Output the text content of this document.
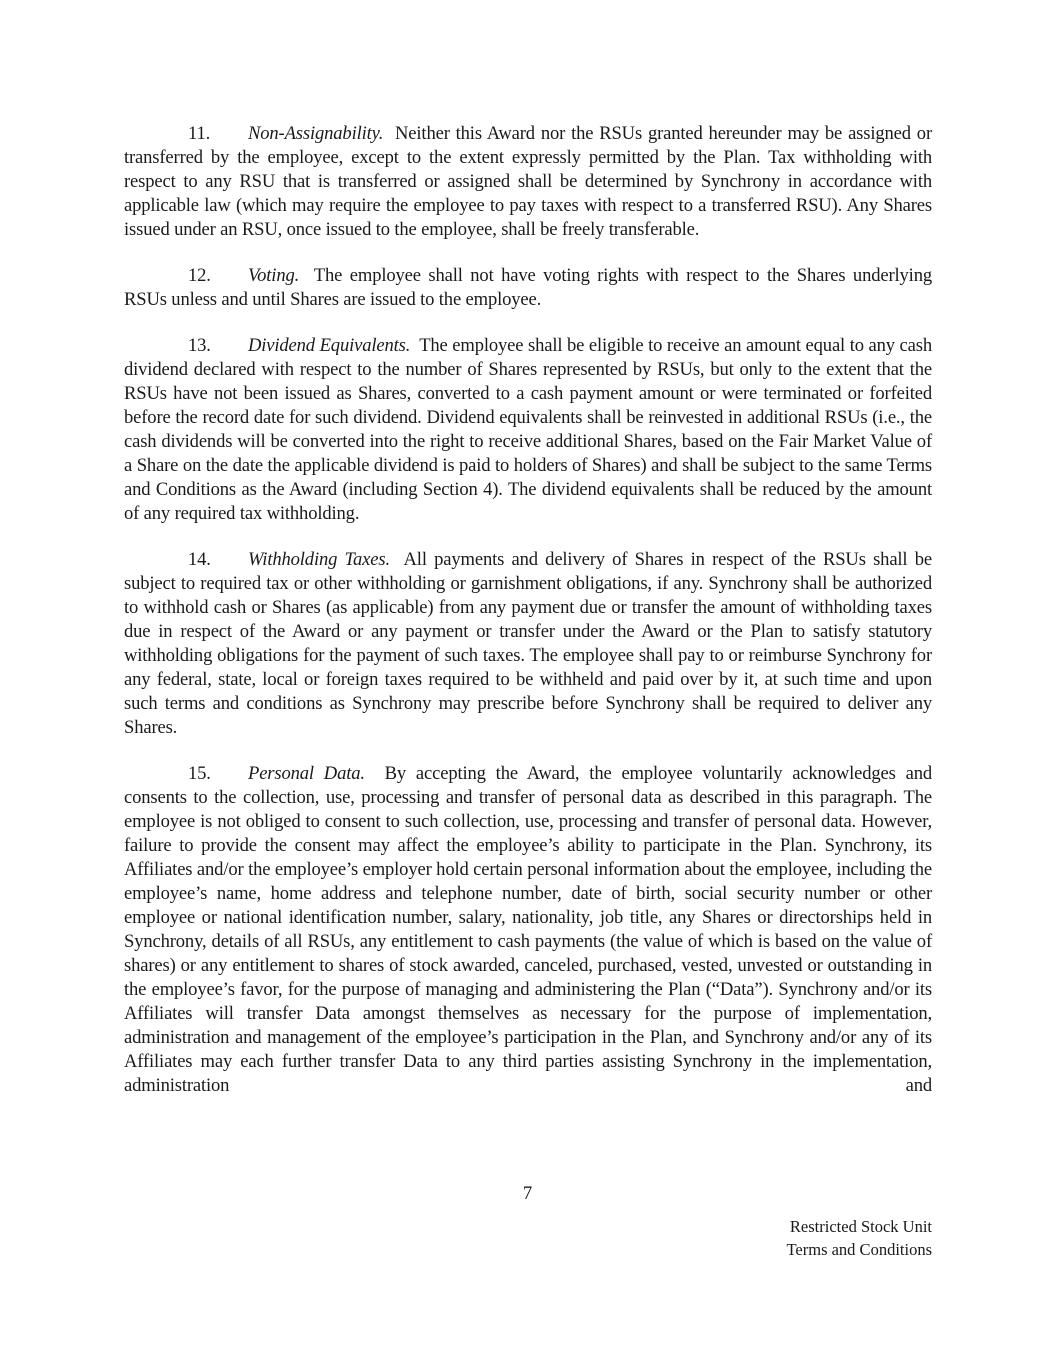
11. Non-Assignability. Neither this Award nor the RSUs granted hereunder may be assigned or transferred by the employee, except to the extent expressly permitted by the Plan. Tax withholding with respect to any RSU that is transferred or assigned shall be determined by Synchrony in accordance with applicable law (which may require the employee to pay taxes with respect to a transferred RSU). Any Shares issued under an RSU, once issued to the employee, shall be freely transferable.

12. Voting. The employee shall not have voting rights with respect to the Shares underlying RSUs unless and until Shares are issued to the employee.

13. Dividend Equivalents. The employee shall be eligible to receive an amount equal to any cash dividend declared with respect to the number of Shares represented by RSUs, but only to the extent that the RSUs have not been issued as Shares, converted to a cash payment amount or were terminated or forfeited before the record date for such dividend. Dividend equivalents shall be reinvested in additional RSUs (i.e., the cash dividends will be converted into the right to receive additional Shares, based on the Fair Market Value of a Share on the date the applicable dividend is paid to holders of Shares) and shall be subject to the same Terms and Conditions as the Award (including Section 4). The dividend equivalents shall be reduced by the amount of any required tax withholding.

14. Withholding Taxes. All payments and delivery of Shares in respect of the RSUs shall be subject to required tax or other withholding or garnishment obligations, if any. Synchrony shall be authorized to withhold cash or Shares (as applicable) from any payment due or transfer the amount of withholding taxes due in respect of the Award or any payment or transfer under the Award or the Plan to satisfy statutory withholding obligations for the payment of such taxes. The employee shall pay to or reimburse Synchrony for any federal, state, local or foreign taxes required to be withheld and paid over by it, at such time and upon such terms and conditions as Synchrony may prescribe before Synchrony shall be required to deliver any Shares.

15. Personal Data. By accepting the Award, the employee voluntarily acknowledges and consents to the collection, use, processing and transfer of personal data as described in this paragraph. The employee is not obliged to consent to such collection, use, processing and transfer of personal data. However, failure to provide the consent may affect the employee’s ability to participate in the Plan. Synchrony, its Affiliates and/or the employee’s employer hold certain personal information about the employee, including the employee’s name, home address and telephone number, date of birth, social security number or other employee or national identification number, salary, nationality, job title, any Shares or directorships held in Synchrony, details of all RSUs, any entitlement to cash payments (the value of which is based on the value of shares) or any entitlement to shares of stock awarded, canceled, purchased, vested, unvested or outstanding in the employee’s favor, for the purpose of managing and administering the Plan (“Data”). Synchrony and/or its Affiliates will transfer Data amongst themselves as necessary for the purpose of implementation, administration and management of the employee’s participation in the Plan, and Synchrony and/or any of its Affiliates may each further transfer Data to any third parties assisting Synchrony in the implementation, administration and

7
Restricted Stock Unit
Terms and Conditions
